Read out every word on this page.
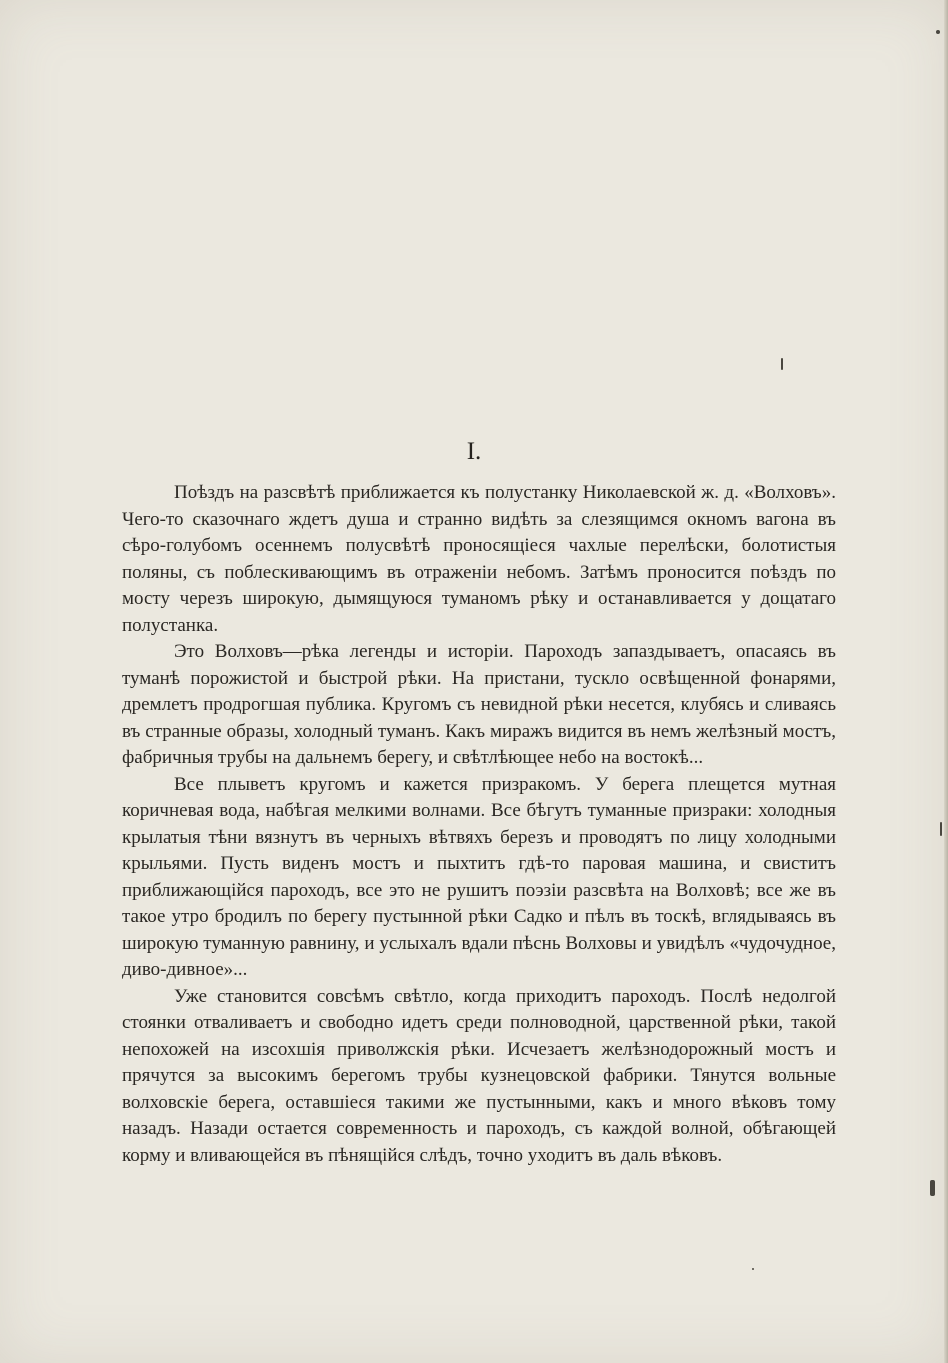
I.

Поѣздъ на разсвѣтѣ приближается къ полустанку Николаевской ж. д. «Волховъ». Чего-то сказочнаго ждетъ душа и странно видѣть за слезящимся окномъ вагона въ сѣро-голубомъ осеннемъ полусвѣтѣ проносящіеся чахлые перелѣски, болотистыя поляны, съ поблескивающимъ въ отраженіи небомъ. Затѣмъ проносится поѣздъ по мосту черезъ широкую, дымящуюся туманомъ рѣку и останавливается у дощатаго полустанка.

Это Волховъ—рѣка легенды и исторіи. Пароходъ запаздываетъ, опасаясь въ туманѣ порожистой и быстрой рѣки. На пристани, тускло освѣщенной фонарями, дремлетъ продрогшая публика. Кругомъ съ невидной рѣки несется, клубясь и сливаясь въ странные образы, холодный туманъ. Какъ миражъ видится въ немъ желѣзный мостъ, фабричныя трубы на дальнемъ берегу, и свѣтлѣющее небо на востокѣ...

Все плыветъ кругомъ и кажется призракомъ. У берега плещется мутная коричневая вода, набѣгая мелкими волнами. Все бѣгутъ туманные призраки: холодныя крылатыя тѣни вязнутъ въ черныхъ вѣтвяхъ березъ и проводятъ по лицу холодными крыльями. Пусть виденъ мостъ и пыхтитъ гдѣ-то паровая машина, и свиститъ приближающійся пароходъ, все это не рушитъ поэзіи разсвѣта на Волховѣ; все же въ такое утро бродилъ по берегу пустынной рѣки Садко и пѣлъ въ тоскѣ, вглядываясь въ широкую туманную равнину, и услыхалъ вдали пѣснь Волховы и увидѣлъ «чудочудное, диво-дивное»...

Уже становится совсѣмъ свѣтло, когда приходитъ пароходъ. Послѣ недолгой стоянки отваливаетъ и свободно идетъ среди полноводной, царственной рѣки, такой непохожей на изсохшія приволжскія рѣки. Исчезаетъ желѣзнодорожный мостъ и прячутся за высокимъ берегомъ трубы кузнецовской фабрики. Тянутся вольные волховскіе берега, оставшіеся такими же пустынными, какъ и много вѣковъ тому назадъ. Назади остается современность и пароходъ, съ каждой волной, обѣгающей корму и вливающейся въ пѣнящійся слѣдъ, точно уходитъ въ даль вѣковъ.
